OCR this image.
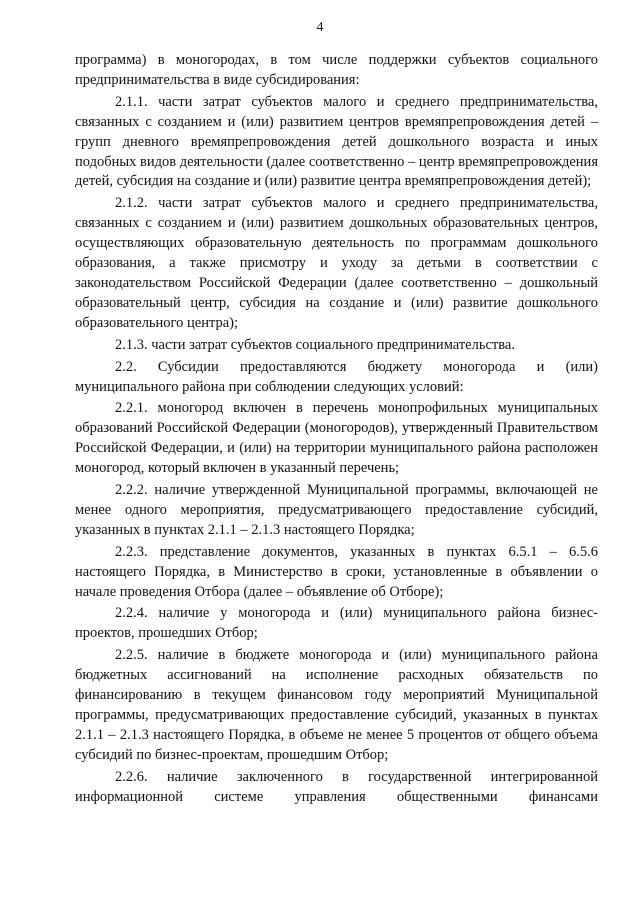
4

программа) в моногородах, в том числе поддержки субъектов социального предпринимательства в виде субсидирования:

2.1.1. части затрат субъектов малого и среднего предпринимательства, связанных с созданием и (или) развитием центров времяпрепровождения детей – групп дневного времяпрепровождения детей дошкольного возраста и иных подобных видов деятельности (далее соответственно – центр времяпрепровождения детей, субсидия на создание и (или) развитие центра времяпрепровождения детей);

2.1.2. части затрат субъектов малого и среднего предпринимательства, связанных с созданием и (или) развитием дошкольных образовательных центров, осуществляющих образовательную деятельность по программам дошкольного образования, а также присмотру и уходу за детьми в соответствии с законодательством Российской Федерации (далее соответственно – дошкольный образовательный центр, субсидия на создание и (или) развитие дошкольного образовательного центра);

2.1.3. части затрат субъектов социального предпринимательства.

2.2. Субсидии предоставляются бюджету моногорода и (или) муниципального района при соблюдении следующих условий:

2.2.1. моногород включен в перечень монопрофильных муниципальных образований Российской Федерации (моногородов), утвержденный Правительством Российской Федерации, и (или) на территории муниципального района расположен моногород, который включен в указанный перечень;

2.2.2. наличие утвержденной Муниципальной программы, включающей не менее одного мероприятия, предусматривающего предоставление субсидий, указанных в пунктах 2.1.1 – 2.1.3 настоящего Порядка;

2.2.3. представление документов, указанных в пунктах 6.5.1 – 6.5.6 настоящего Порядка, в Министерство в сроки, установленные в объявлении о начале проведения Отбора (далее – объявление об Отборе);

2.2.4. наличие у моногорода и (или) муниципального района бизнес-проектов, прошедших Отбор;

2.2.5. наличие в бюджете моногорода и (или) муниципального района бюджетных ассигнований на исполнение расходных обязательств по финансированию в текущем финансовом году мероприятий Муниципальной программы, предусматривающих предоставление субсидий, указанных в пунктах 2.1.1 – 2.1.3 настоящего Порядка, в объеме не менее 5 процентов от общего объема субсидий по бизнес-проектам, прошедшим Отбор;

2.2.6. наличие заключенного в государственной интегрированной информационной системе управления общественными финансами
